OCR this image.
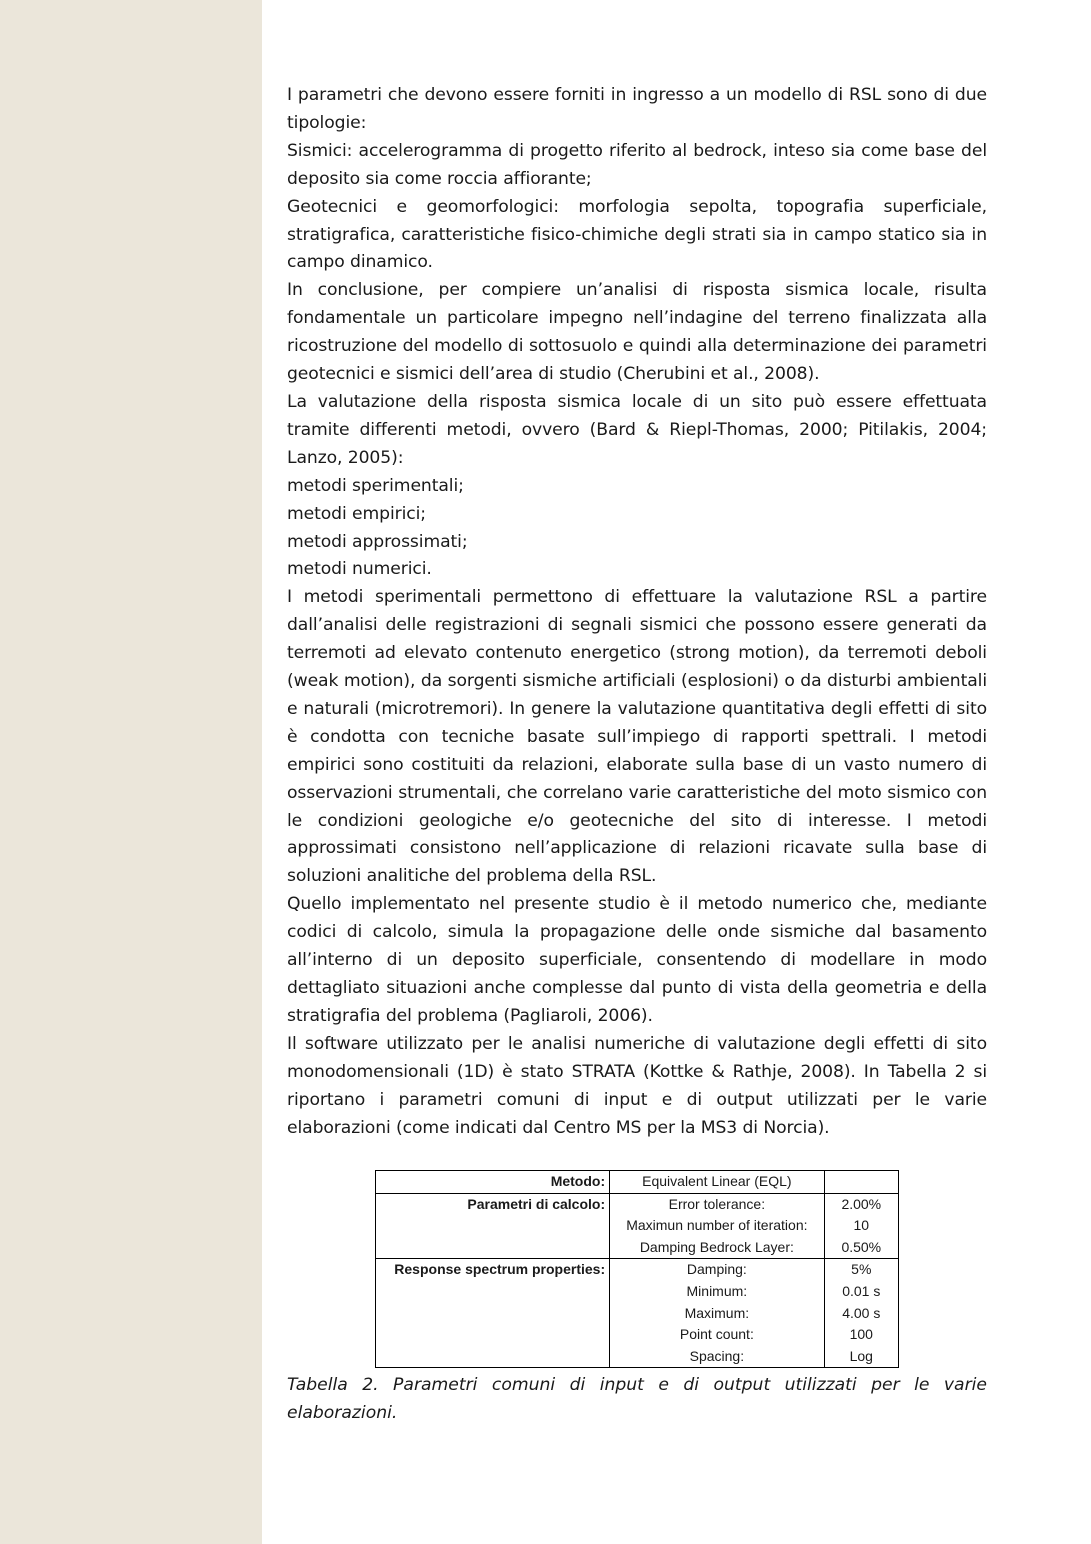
I parametri che devono essere forniti in ingresso a un modello di RSL sono di due tipologie:

Sismici: accelerogramma di progetto riferito al bedrock, inteso sia come base del deposito sia come roccia affiorante;

Geotecnici e geomorfologici: morfologia sepolta, topografia superficiale, stratigrafica, caratteristiche fisico-chimiche degli strati sia in campo statico sia in campo dinamico.

In conclusione, per compiere un’analisi di risposta sismica locale, risulta fondamentale un particolare impegno nell’indagine del terreno finalizzata alla ricostruzione del modello di sottosuolo e quindi alla determinazione dei parametri geotecnici e sismici dell’area di studio (Cherubini et al., 2008).

La valutazione della risposta sismica locale di un sito può essere effettuata tramite differenti metodi, ovvero (Bard & Riepl-Thomas, 2000; Pitilakis, 2004; Lanzo, 2005):

metodi sperimentali;

metodi empirici;

metodi approssimati;

metodi numerici.

I metodi sperimentali permettono di effettuare la valutazione RSL a partire dall’analisi delle registrazioni di segnali sismici che possono essere generati da terremoti ad elevato contenuto energetico (strong motion), da terremoti deboli (weak motion), da sorgenti sismiche artificiali (esplosioni) o da disturbi ambientali e naturali (microtremori). In genere la valutazione quantitativa degli effetti di sito è condotta con tecniche basate sull’impiego di rapporti spettrali. I metodi empirici sono costituiti da relazioni, elaborate sulla base di un vasto numero di osservazioni strumentali, che correlano varie caratteristiche del moto sismico con le condizioni geologiche e/o geotecniche del sito di interesse. I metodi approssimati consistono nell’applicazione di relazioni ricavate sulla base di soluzioni analitiche del problema della RSL.

Quello implementato nel presente studio è il metodo numerico che, mediante codici di calcolo, simula la propagazione delle onde sismiche dal basamento all’interno di un deposito superficiale, consentendo di modellare in modo dettagliato situazioni anche complesse dal punto di vista della geometria e della stratigrafia del problema (Pagliaroli, 2006).

Il software utilizzato per le analisi numeriche di valutazione degli effetti di sito monodomensionali (1D) è stato STRATA (Kottke & Rathje, 2008). In Tabella 2 si riportano i parametri comuni di input e di output utilizzati per le varie elaborazioni (come indicati dal Centro MS per la MS3 di Norcia).

Metodo:	Equivalent Linear (EQL)	
Parametri di calcolo:	Error tolerance:	2.00%
	Maximun number of iteration:	10
	Damping Bedrock Layer:	0.50%
Response spectrum properties:	Damping:	5%
	Minimum:	0.01 s
	Maximum:	4.00 s
	Point count:	100
	Spacing:	Log

Tabella 2. Parametri comuni di input e di output utilizzati per le varie elaborazioni.
